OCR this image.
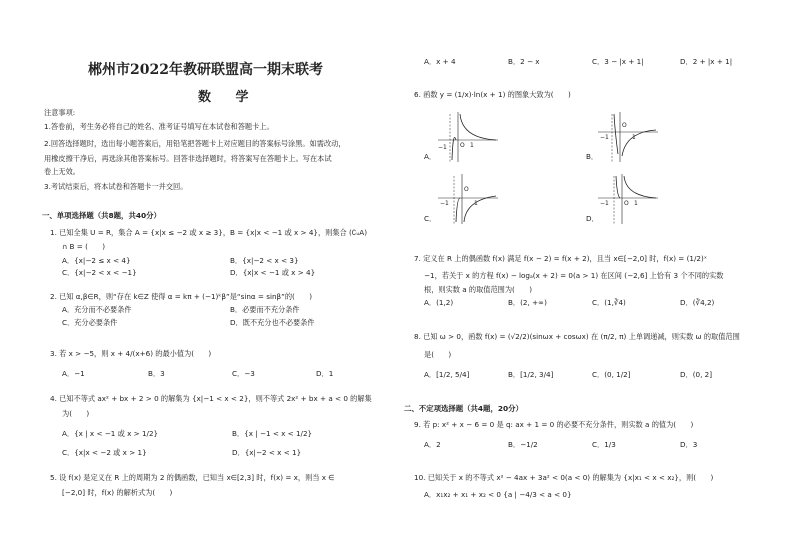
郴州市2022年教研联盟高一期末联考
数 学
注意事项:
1.答卷前，考生务必将自己的姓名、准考证号填写在本试卷和答题卡上。
2.回答选择题时，选出每小题答案后，用铅笔把答题卡上对应题目的答案标号涂黑。如需改动，
用橡皮擦干净后，再选涂其他答案标号。回答非选择题时，将答案写在答题卡上。写在本试
卷上无效。
3.考试结束后，将本试卷和答题卡一并交回。
一、单项选择题（共8题，共40分）
1. 已知全集 U = R，集合 A = {x|x ≤ −2 或 x ≥ 3}，B = {x|x < −1 或 x > 4}，则集合 (∁ᵤA)
∩ B = (　　)
A．{x|−2 ≤ x < 4}	B．{x|−2 < x < 3}
C．{x|−2 < x < −1}	D．{x|x < −1 或 x > 4}
2. 已知 α,β∈R，则“存在 k∈Z 使得 α = kπ + (−1)ᵏβ”是“sinα = sinβ”的(　　)
A．充分而不必要条件	B．必要而不充分条件
C．充分必要条件	D．既不充分也不必要条件
3. 若 x > −5，则 x + 4/(x+6) 的最小值为(　　)
A．−1	B．3	C．−3	D．1
4. 已知不等式 ax² + bx + 2 > 0 的解集为 {x|−1 < x < 2}，则不等式 2x² + bx + a < 0 的解集
为(　　)
A．{x | x < −1 或 x > 1/2}	B．{x | −1 < x < 1/2}
C．{x|x < −2 或 x > 1}	D．{x|−2 < x < 1}
5. 设 f(x) 是定义在 R 上的周期为 2 的偶函数，已知当 x∈[2,3] 时，f(x) = x，则当 x ∈
[−2,0] 时，f(x) 的解析式为(　　)
A．x + 4	B．2 − x	C．3 − |x + 1|	D．2 + |x + 1|
6. 函数 y = (1/x)·ln(x + 1) 的图象大致为(　　)
A．
−1 O 1
B．
−1
O
1
C．
−1
O
1
D．
−1	O 1
7. 定义在 R 上的偶函数 f(x) 满足 f(x − 2) = f(x + 2)，且当 x∈[−2,0] 时，f(x) = (1/2)ˣ
−1，若关于 x 的方程 f(x) − logₐ(x + 2) = 0(a > 1) 在区间 (−2,6] 上恰有 3 个不同的实数
根，则实数 a 的取值范围为(　　)
A．(1,2)	B．(2, +∞)	C．(1,∛4)	D．(∛4,2)
8. 已知 ω > 0，函数 f(x) = (√2/2)(sinωx + cosωx) 在 (π/2, π) 上单调递减，则实数 ω 的取值范围
是(　　)
A．[1/2, 5/4]	B．[1/2, 3/4]	C．(0, 1/2]	D．(0, 2]
二、不定项选择题（共4题，20分）
9. 若 p: x² + x − 6 = 0 是 q: ax + 1 = 0 的必要不充分条件，则实数 a 的值为(　　)
A．2	B．−1/2	C．1/3	D．3
10. 已知关于 x 的不等式 x² − 4ax + 3a² < 0(a < 0) 的解集为 {x|x₁ < x < x₂}，则(　　)
A．x₁x₂ + x₁ + x₂ < 0 {a | −4/3 < a < 0}
